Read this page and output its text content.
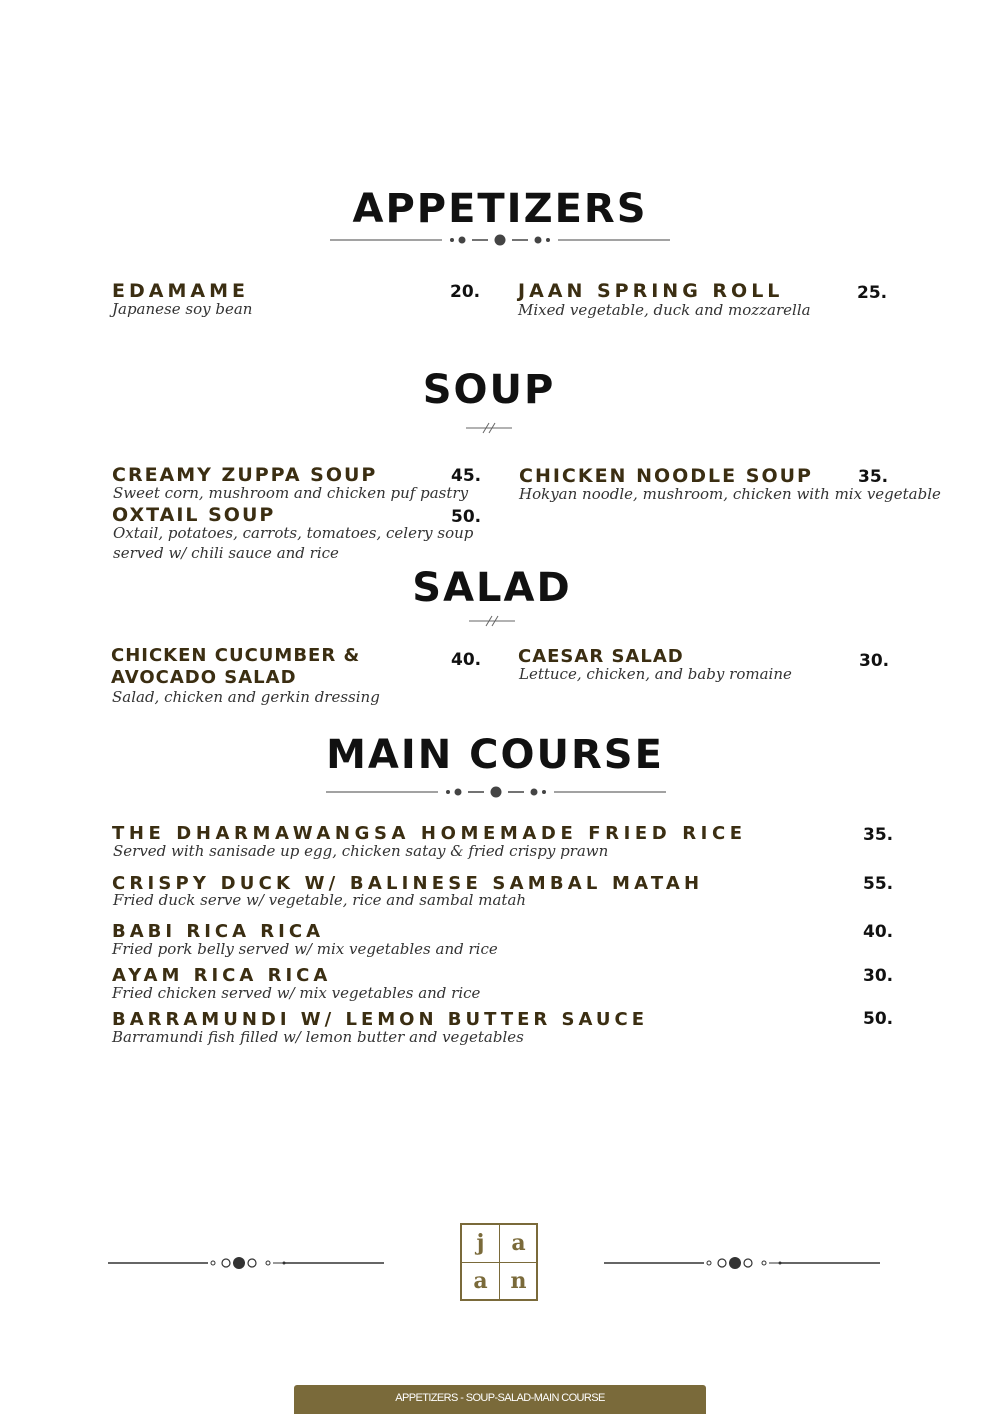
APPETIZERS
EDAMAME
Japanese soy bean
20. JAAN SPRING ROLL
Mixed vegetable, duck and mozzarella
25.
SOUP
CREAMY ZUPPA SOUP
Sweet corn, mushroom and chicken puf pastry
45. CHICKEN NOODLE SOUP
Hokyan noodle, mushroom, chicken with mix vegetable
35.
OXTAIL SOUP
Oxtail, potatoes, carrots, tomatoes, celery soup
served w/ chili sauce and rice
50.
SALAD
CHICKEN CUCUMBER &
AVOCADO SALAD
Salad, chicken and gerkin dressing
40. CAESAR SALAD
Lettuce, chicken, and baby romaine
30.
MAIN COURSE
THE DHARMAWANGSA HOMEMADE FRIED RICE
Served with sanisade up egg, chicken satay & fried crispy prawn
35.
CRISPY DUCK W/ BALINESE SAMBAL MATAH
Fried duck serve w/ vegetable, rice and sambal matah
55.
BABI RICA RICA
Fried pork belly served w/ mix vegetables and rice
40.
AYAM RICA RICA
Fried chicken served w/ mix vegetables and rice
30.
BARRAMUNDI W/ LEMON BUTTER SAUCE
Barramundi fish filled w/ lemon butter and vegetables
50.
j	a
a	n
APPETIZERS - SOUP-SALAD-MAIN COURSE
